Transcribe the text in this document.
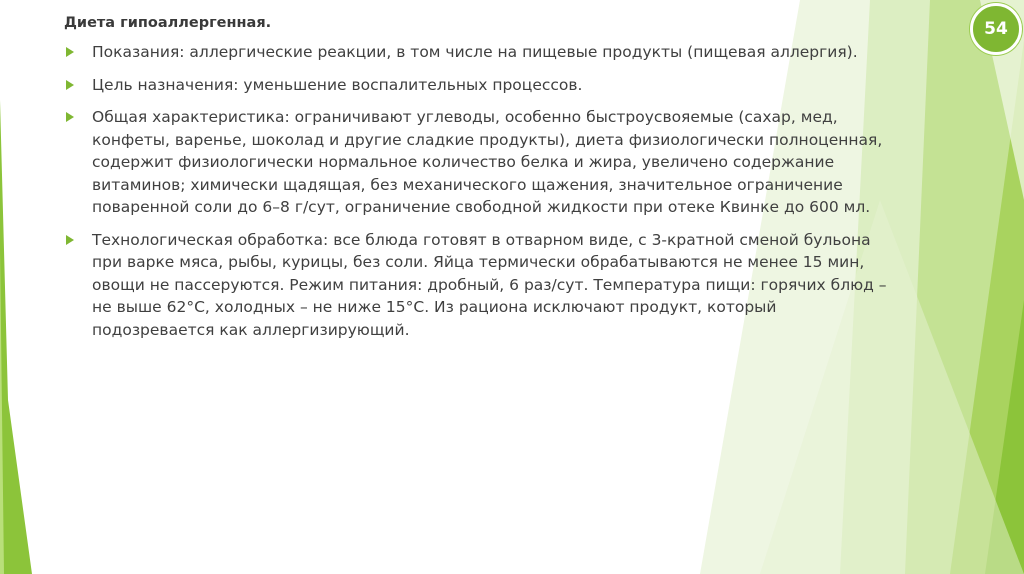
54
Диета гипоаллергенная.
Показания: аллергические реакции, в том числе на пищевые продукты (пищевая аллергия).
Цель назначения: уменьшение воспалительных процессов.
Общая характеристика: ограничивают углеводы, особенно быстроусвояемые (сахар, мед, конфеты, варенье, шоколад и другие сладкие продукты), диета физиологически полноценная, содержит физиологически нормальное количество белка и жира, увеличено содержание витаминов; химически щадящая, без механического щажения, значительное ограничение поваренной соли до 6–8 г/сут, ограничение свободной жидкости при отеке Квинке до 600 мл.
Технологическая обработка: все блюда готовят в отварном виде, с 3-кратной сменой бульона при варке мяса, рыбы, курицы, без соли. Яйца термически обрабатываются не менее 15 мин, овощи не пассеруются. Режим питания: дробный, 6 раз/сут. Температура пищи: горячих блюд – не выше 62°С, холодных – не ниже 15°С. Из рациона исключают продукт, который подозревается как аллергизирующий.
